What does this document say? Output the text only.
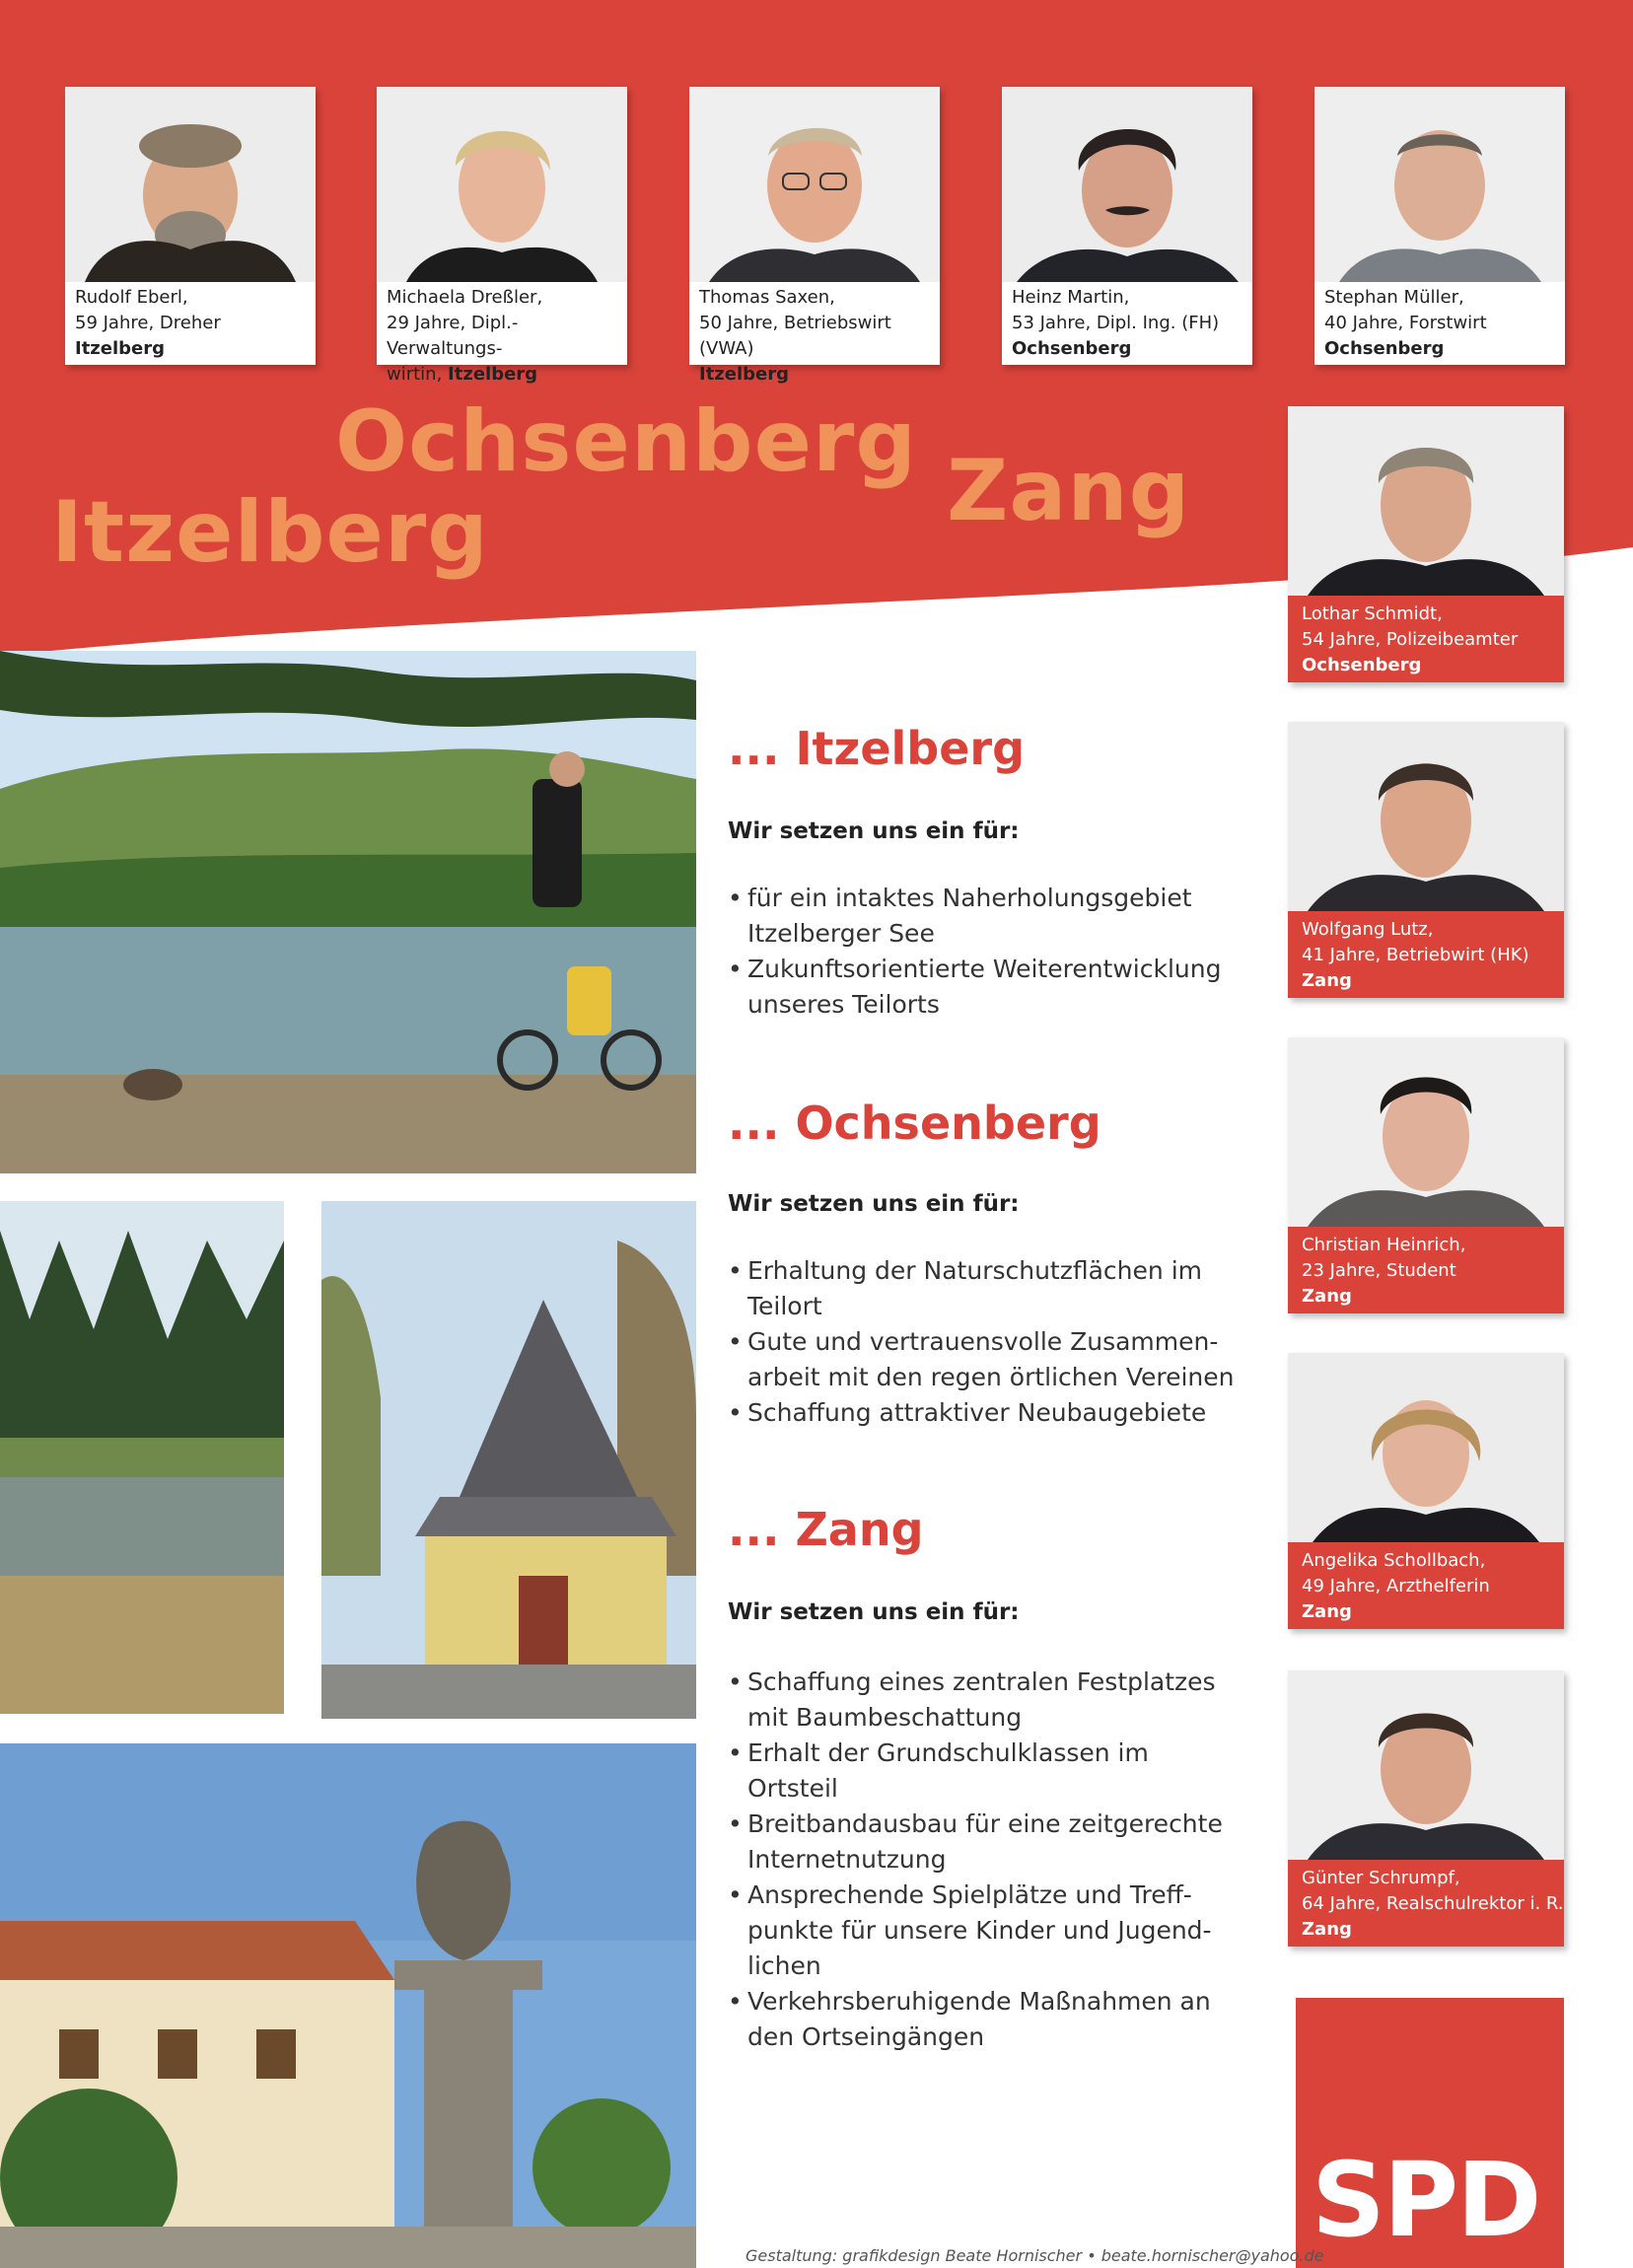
Ochsenberg
Itzelberg	Zang
Rudolf Eberl,
59 Jahre, Dreher
Itzelberg
Michaela Dreßler,
29 Jahre, Dipl.-Verwaltungs-
wirtin, Itzelberg
Thomas Saxen,
50 Jahre, Betriebswirt (VWA)
Itzelberg
Heinz Martin,
53 Jahre, Dipl. Ing. (FH)
Ochsenberg
Stephan Müller,
40 Jahre, Forstwirt
Ochsenberg
Lothar Schmidt,
54 Jahre, Polizeibeamter
Ochsenberg
Wolfgang Lutz,
41 Jahre, Betriebwirt (HK)
Zang
Christian Heinrich,
23 Jahre, Student
Zang
Angelika Schollbach,
49 Jahre, Arzthelferin
Zang
Günter Schrumpf,
64 Jahre, Realschulrektor i. R.
Zang
... Itzelberg
Wir setzen uns ein für:
• für ein intaktes Naherholungsgebiet Itzelberger See
• Zukunftsorientierte Weiterentwicklung unseres Teilorts
... Ochsenberg
Wir setzen uns ein für:
• Erhaltung der Naturschutzflächen im Teilort
• Gute und vertrauensvolle Zusammen-arbeit mit den regen örtlichen Vereinen
• Schaffung attraktiver Neubaugebiete
... Zang
Wir setzen uns ein für:
• Schaffung eines zentralen Festplatzes mit Baumbeschattung
• Erhalt der Grundschulklassen im Ortsteil
• Breitbandausbau für eine zeitgerechte Internetnutzung
• Ansprechende Spielplätze und Treff-punkte für unsere Kinder und Jugend-lichen
• Verkehrsberuhigende Maßnahmen an den Ortseingängen
SPD
Gestaltung: grafikdesign Beate Hornischer • beate.hornischer@yahoo.de
